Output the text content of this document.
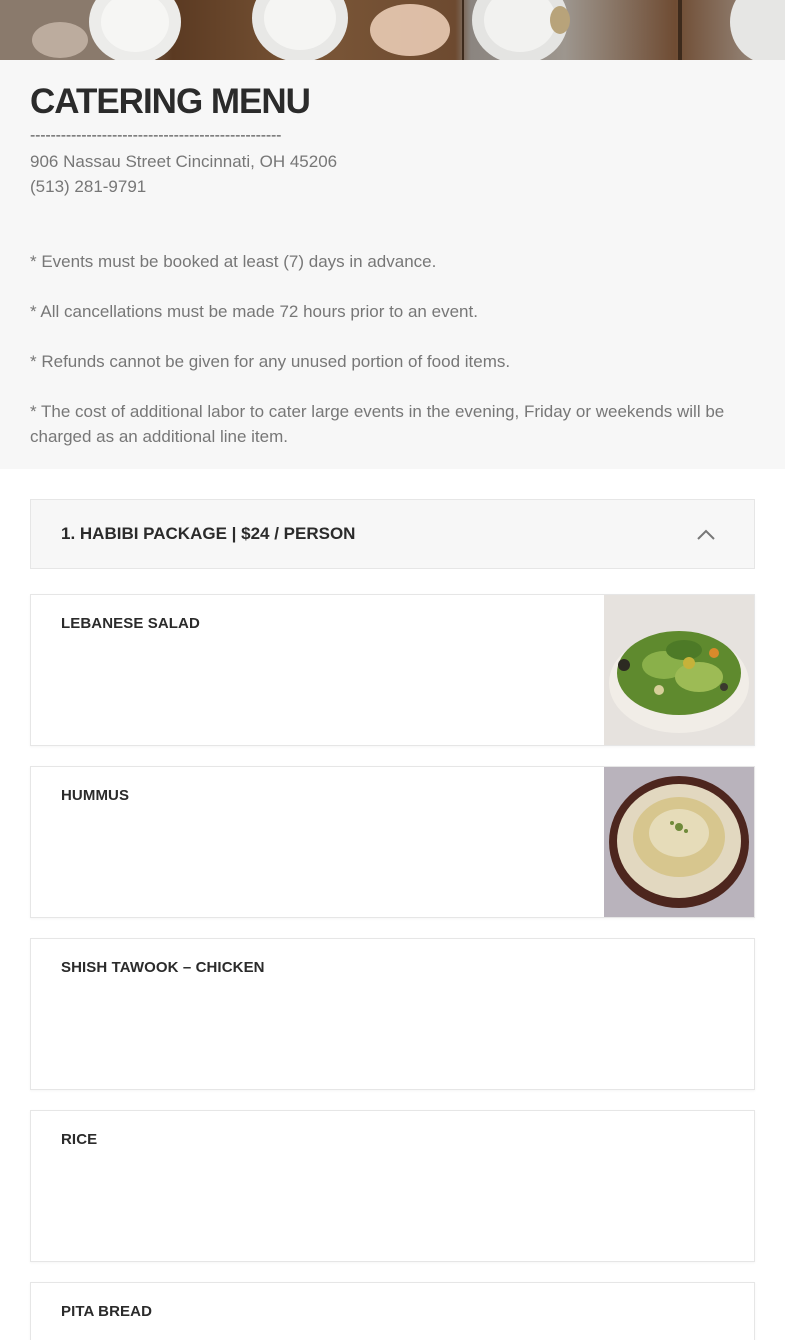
CATERING MENU
-------------------------------------------------
906 Nassau Street Cincinnati, OH 45206
(513) 281-9791

* Events must be booked at least (7) days in advance.

* All cancellations must be made 72 hours prior to an event.

* Refunds cannot be given for any unused portion of food items.

* The cost of additional labor to cater large events in the evening, Friday or weekends will be charged as an additional line item.

1. HABIBI PACKAGE | $24 / PERSON
LEBANESE SALAD
HUMMUS
SHISH TAWOOK – CHICKEN
RICE
PITA BREAD
